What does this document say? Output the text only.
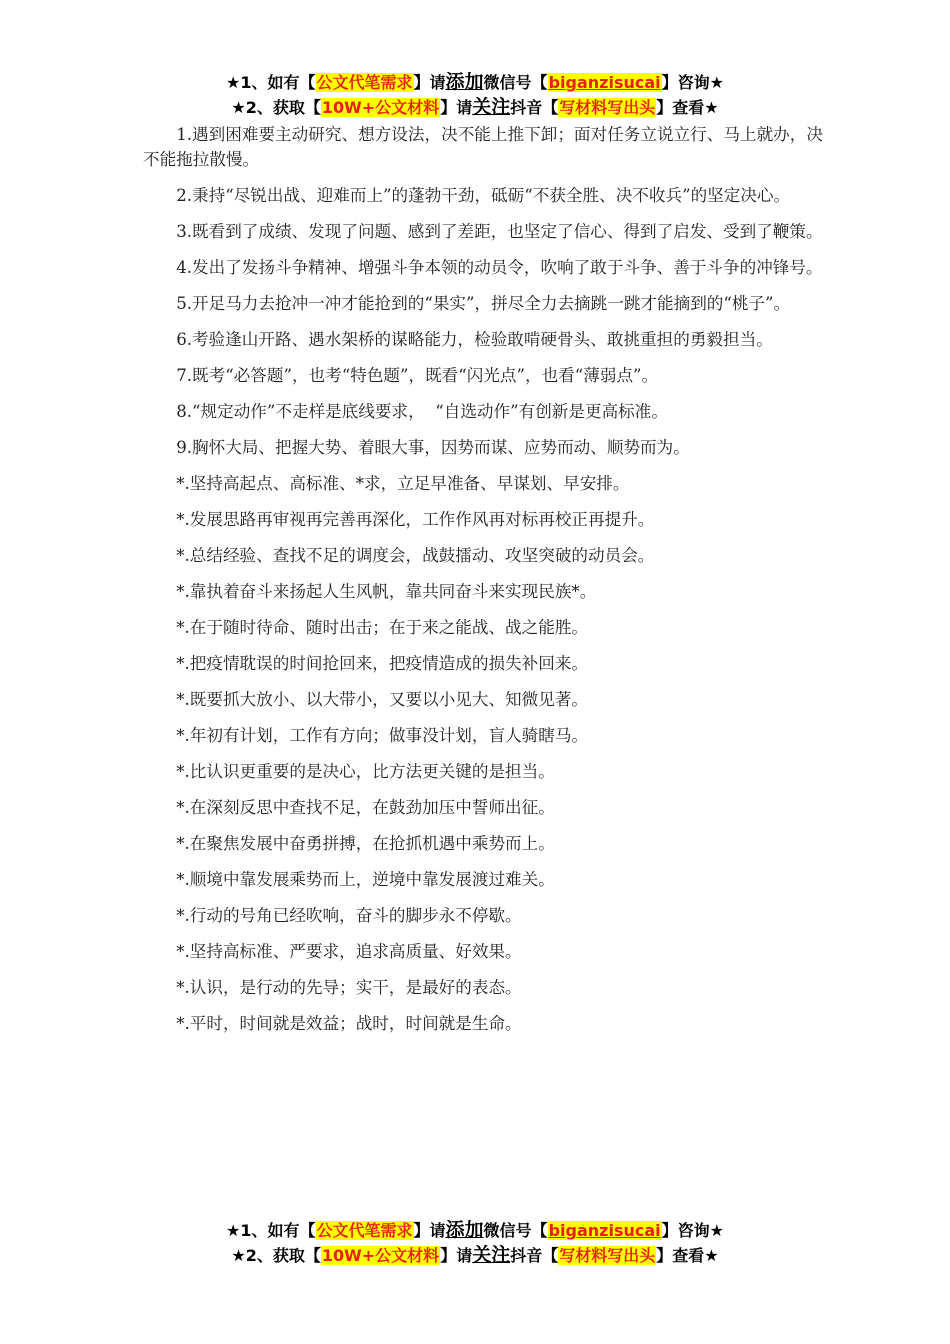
★1、如有【公文代笔需求】请添加微信号【biganzisucai】咨询★
★2、获取【10W+公文材料】请关注抖音【写材料写出头】查看★

1.遇到困难要主动研究、想方设法，决不能上推下卸；面对任务立说立行、马上就办，决不能拖拉散慢。

2.秉持“尽锐出战、迎难而上”的蓬勃干劲，砥砺“不获全胜、决不收兵”的坚定决心。

3.既看到了成绩、发现了问题、感到了差距，也坚定了信心、得到了启发、受到了鞭策。

4.发出了发扬斗争精神、增强斗争本领的动员令，吹响了敢于斗争、善于斗争的冲锋号。

5.开足马力去抢冲一冲才能抢到的“果实”，拼尽全力去摘跳一跳才能摘到的“桃子”。

6.考验逢山开路、遇水架桥的谋略能力，检验敢啃硬骨头、敢挑重担的勇毅担当。

7.既考“必答题”，也考“特色题”，既看“闪光点”，也看“薄弱点”。

8.“规定动作”不走样是底线要求，  “自选动作”有创新是更高标准。

9.胸怀大局、把握大势、着眼大事，因势而谋、应势而动、顺势而为。

*.坚持高起点、高标准、*求，立足早准备、早谋划、早安排。

*.发展思路再审视再完善再深化，工作作风再对标再校正再提升。

*.总结经验、查找不足的调度会，战鼓擂动、攻坚突破的动员会。

*.靠执着奋斗来扬起人生风帆，靠共同奋斗来实现民族*。

*.在于随时待命、随时出击；在于来之能战、战之能胜。

*.把疫情耽误的时间抢回来，把疫情造成的损失补回来。

*.既要抓大放小、以大带小，又要以小见大、知微见著。

*.年初有计划，工作有方向；做事没计划，盲人骑瞎马。

*.比认识更重要的是决心，比方法更关键的是担当。

*.在深刻反思中查找不足，在鼓劲加压中誓师出征。

*.在聚焦发展中奋勇拼搏，在抢抓机遇中乘势而上。

*.顺境中靠发展乘势而上，逆境中靠发展渡过难关。

*.行动的号角已经吹响，奋斗的脚步永不停歇。

*.坚持高标准、严要求，追求高质量、好效果。

*.认识，是行动的先导；实干，是最好的表态。

*.平时，时间就是效益；战时，时间就是生命。

★1、如有【公文代笔需求】请添加微信号【biganzisucai】咨询★
★2、获取【10W+公文材料】请关注抖音【写材料写出头】查看★
